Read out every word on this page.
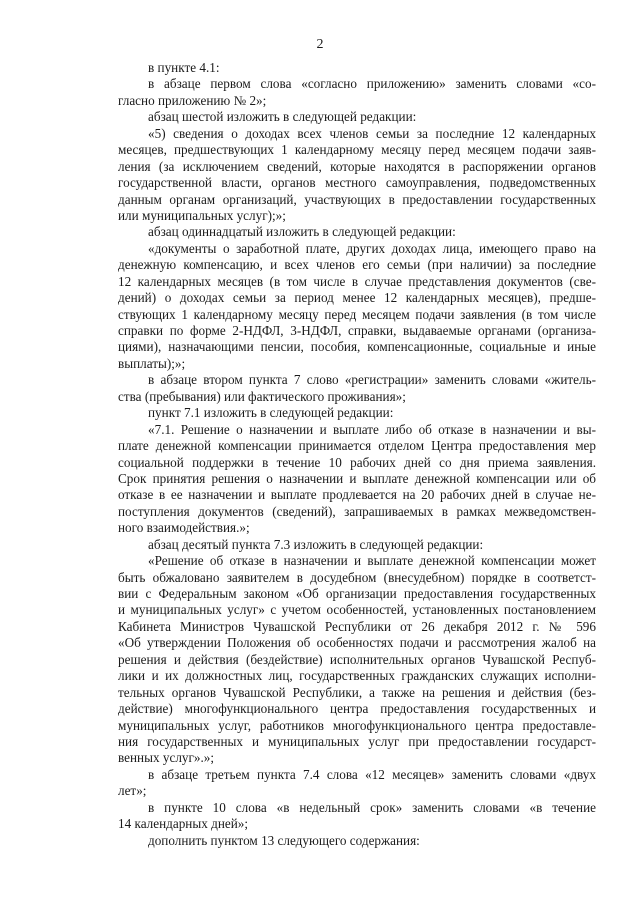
2
в пункте 4.1:
в абзаце первом слова «согласно приложению» заменить словами «со-
гласно приложению № 2»;
абзац шестой изложить в следующей редакции:
«5) сведения о доходах всех членов семьи за последние 12 календарных
месяцев, предшествующих 1 календарному месяцу перед месяцем подачи заяв-
ления (за исключением сведений, которые находятся в распоряжении органов
государственной власти, органов местного самоуправления, подведомственных
данным органам организаций, участвующих в предоставлении государственных
или муниципальных услуг);»;
абзац одиннадцатый изложить в следующей редакции:
«документы о заработной плате, других доходах лица, имеющего право на
денежную компенсацию, и всех членов его семьи (при наличии) за последние
12 календарных месяцев (в том числе в случае представления документов (све-
дений) о доходах семьи за период менее 12 календарных месяцев), предше-
ствующих 1 календарному месяцу перед месяцем подачи заявления (в том числе
справки по форме 2-НДФЛ, 3-НДФЛ, справки, выдаваемые органами (организа-
циями), назначающими пенсии, пособия, компенсационные, социальные и иные
выплаты);»;
в абзаце втором пункта 7 слово «регистрации» заменить словами «житель-
ства (пребывания) или фактического проживания»;
пункт 7.1 изложить в следующей редакции:
«7.1. Решение о назначении и выплате либо об отказе в назначении и вы-
плате денежной компенсации принимается отделом Центра предоставления мер
социальной поддержки в течение 10 рабочих дней со дня приема заявления.
Срок принятия решения о назначении и выплате денежной компенсации или об
отказе в ее назначении и выплате продлевается на 20 рабочих дней в случае не-
поступления документов (сведений), запрашиваемых в рамках межведомствен-
ного взаимодействия.»;
абзац десятый пункта 7.3 изложить в следующей редакции:
«Решение об отказе в назначении и выплате денежной компенсации может
быть обжаловано заявителем в досудебном (внесудебном) порядке в соответст-
вии с Федеральным законом «Об организации предоставления государственных
и муниципальных услуг» с учетом особенностей, установленных постановлением
Кабинета Министров Чувашской Республики от 26 декабря 2012 г. № 596
«Об утверждении Положения об особенностях подачи и рассмотрения жалоб на
решения и действия (бездействие) исполнительных органов Чувашской Респуб-
лики и их должностных лиц, государственных гражданских служащих исполни-
тельных органов Чувашской Республики, а также на решения и действия (без-
действие) многофункционального центра предоставления государственных и
муниципальных услуг, работников многофункционального центра предоставле-
ния государственных и муниципальных услуг при предоставлении государст-
венных услуг».»;
в абзаце третьем пункта 7.4 слова «12 месяцев» заменить словами «двух
лет»;
в пункте 10 слова «в недельный срок» заменить словами «в течение
14 календарных дней»;
дополнить пунктом 13 следующего содержания:
